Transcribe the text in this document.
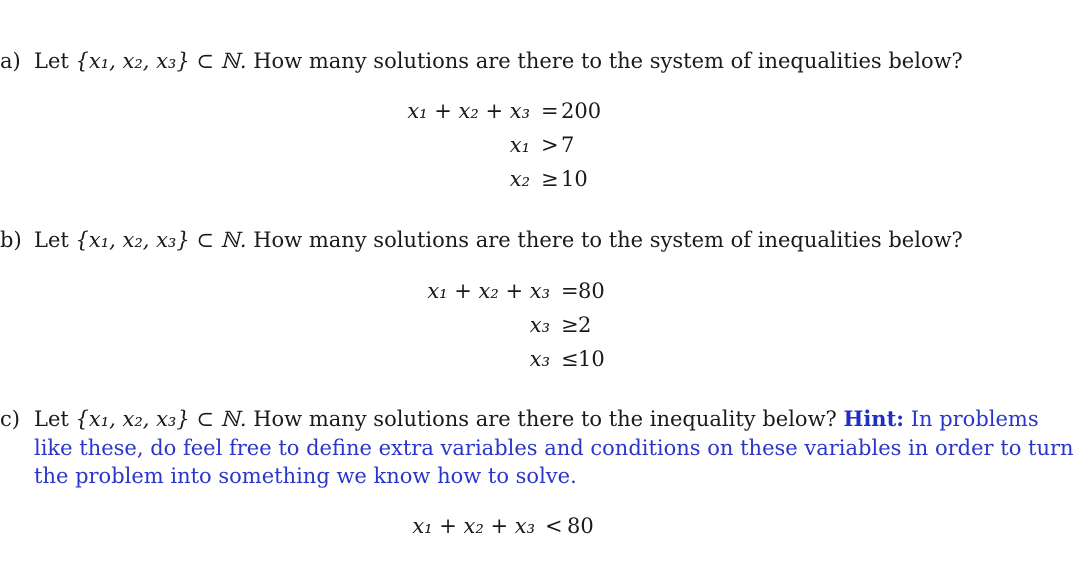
a) Let {x₁, x₂, x₃} ⊂ ℕ. How many solutions are there to the system of inequalities below?
x₁ + x₂ + x₃ = 200
x₁ > 7
x₂ ≥ 10
b) Let {x₁, x₂, x₃} ⊂ ℕ. How many solutions are there to the system of inequalities below?
x₁ + x₂ + x₃ = 80
x₃ ≥ 2
x₃ ≤ 10
c) Let {x₁, x₂, x₃} ⊂ ℕ. How many solutions are there to the inequality below? Hint: In problems
like these, do feel free to define extra variables and conditions on these variables in order to turn
the problem into something we know how to solve.
x₁ + x₂ + x₃ < 80
